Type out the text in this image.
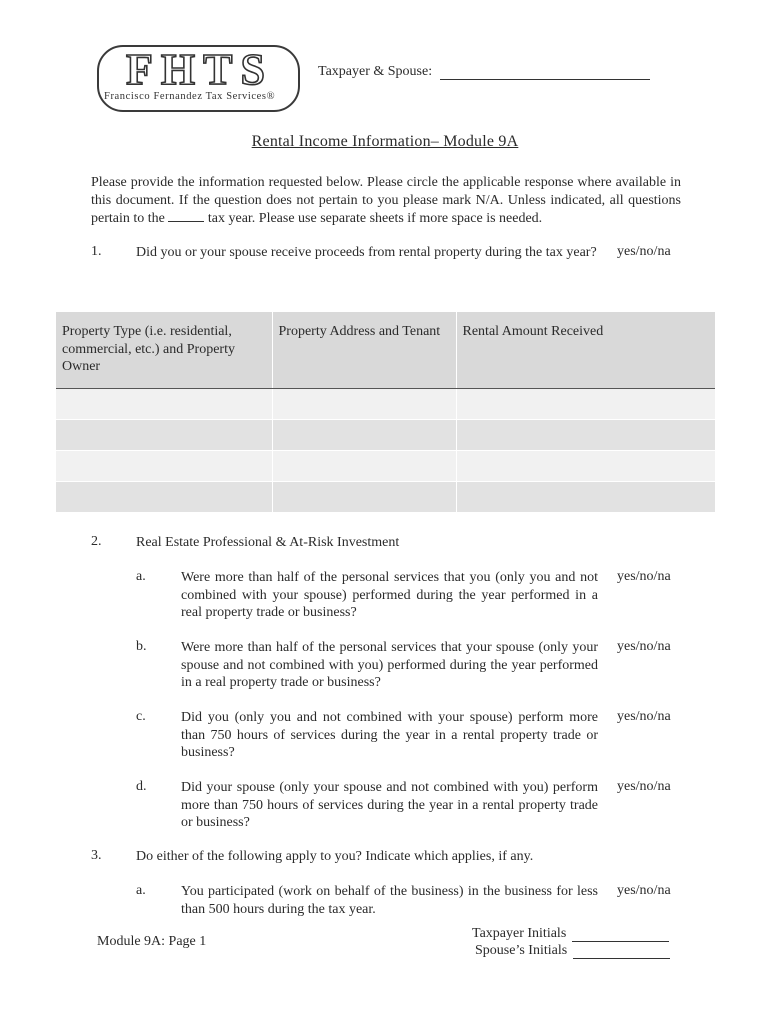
FHTS
Francisco Fernandez Tax Services®
Taxpayer & Spouse:
Rental Income Information– Module 9A
Please provide the information requested below. Please circle the applicable response where available in this document. If the question does not pertain to you please mark N/A. Unless indicated, all questions pertain to the	tax year. Please use separate sheets if more space is needed.
1. Did you or your spouse receive proceeds from rental property during the tax year? yes/no/na
Property Type (i.e. residential, commercial, etc.) and Property Owner	Property Address and Tenant	Rental Amount Received

2. Real Estate Professional & At-Risk Investment
a.	Were more than half of the personal services that you (only you and not combined with your spouse) performed during the year performed in a real property trade or business?
yes/no/na
b. Were more than half of the personal services that your spouse (only your spouse and not combined with you) performed during the year performed in a real property trade or business?
yes/no/na
c.	Did you (only you and not combined with your spouse) perform more than 750 hours of services during the year in a rental property trade or business?
yes/no/na
d. Did your spouse (only your spouse and not combined with you) perform more than 750 hours of services during the year in a rental property trade or business?
yes/no/na
3. Do either of the following apply to you? Indicate which applies, if any.
a.	You participated (work on behalf of the business) in the business for less than 500 hours during the tax year.
yes/no/na
Module 9A: Page 1
Taxpayer Initials
Spouse’s Initials
